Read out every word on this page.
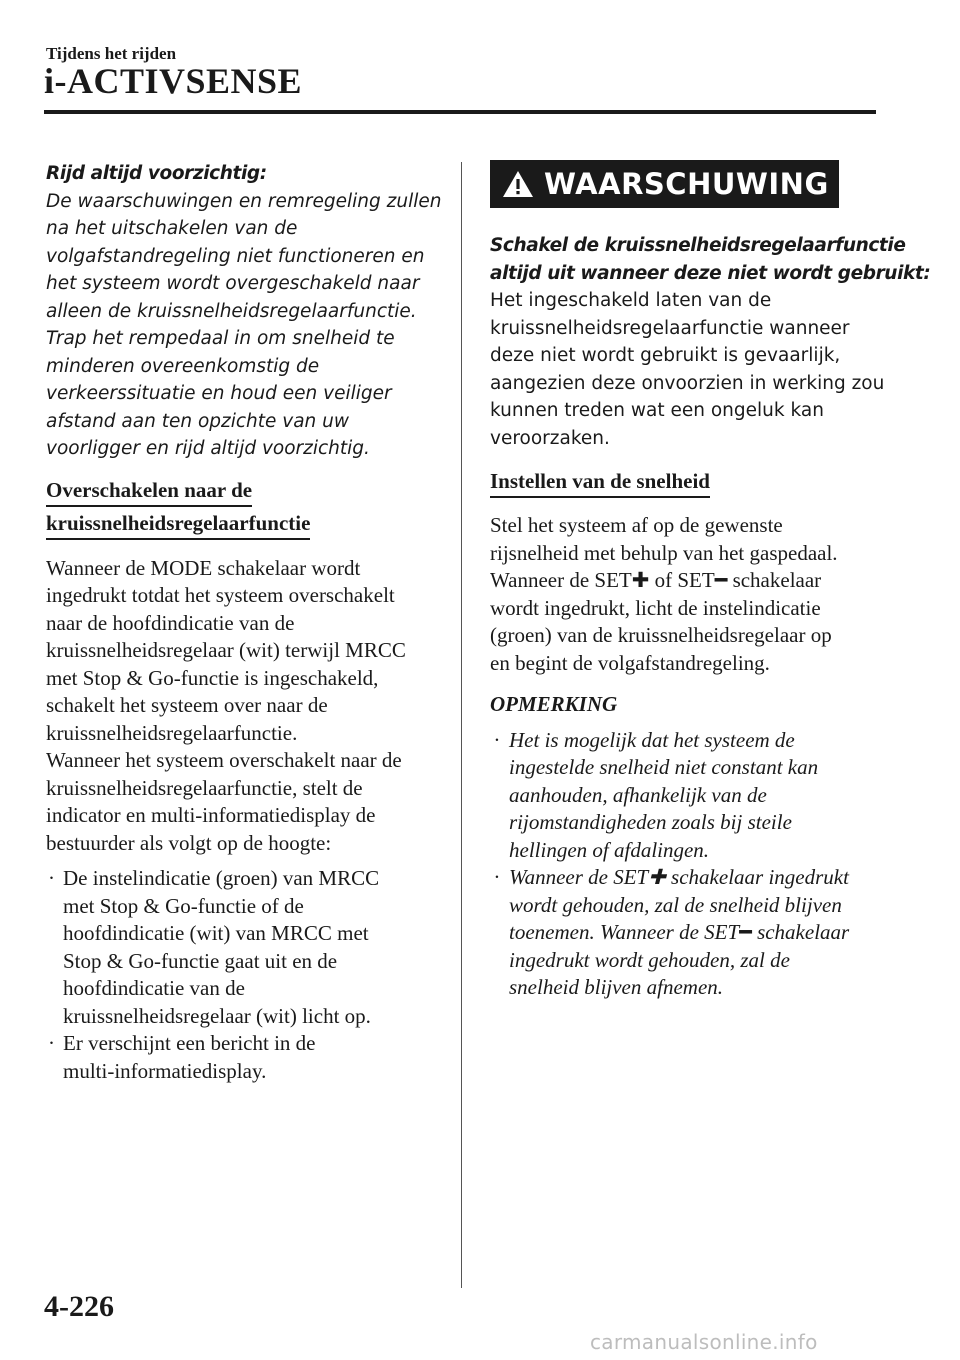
Tijdens het rijden
i-ACTIVSENSE
Rijd altijd voorzichtig:
De waarschuwingen en remregeling zullen
na het uitschakelen van de
volgafstandregeling niet functioneren en
het systeem wordt overgeschakeld naar
alleen de kruissnelheidsregelaarfunctie.
Trap het rempedaal in om snelheid te
minderen overeenkomstig de
verkeerssituatie en houd een veiliger
afstand aan ten opzichte van uw
voorligger en rijd altijd voorzichtig.
Overschakelen naar de
kruissnelheidsregelaarfunctie

Wanneer de MODE schakelaar wordt
ingedrukt totdat het systeem overschakelt
naar de hoofdindicatie van de
kruissnelheidsregelaar (wit) terwijl MRCC
met Stop & Go-functie is ingeschakeld,
schakelt het systeem over naar de
kruissnelheidsregelaarfunctie.
Wanneer het systeem overschakelt naar de
kruissnelheidsregelaarfunctie, stelt de
indicator en multi-informatiedisplay de
bestuurder als volgt op de hoogte:
· De instelindicatie (groen) van MRCC
met Stop & Go-functie of de
hoofdindicatie (wit) van MRCC met
Stop & Go-functie gaat uit en de
hoofdindicatie van de
kruissnelheidsregelaar (wit) licht op.
· Er verschijnt een bericht in de
multi-informatiedisplay.
WAARSCHUWING
Schakel de kruissnelheidsregelaarfunctie
altijd uit wanneer deze niet wordt gebruikt:
Het ingeschakeld laten van de
kruissnelheidsregelaarfunctie wanneer
deze niet wordt gebruikt is gevaarlijk,
aangezien deze onvoorzien in werking zou
kunnen treden wat een ongeluk kan
veroorzaken.
Instellen van de snelheid
Stel het systeem af op de gewenste
rijsnelheid met behulp van het gaspedaal.
Wanneer de SET✚ of SET━ schakelaar
wordt ingedrukt, licht de instelindicatie
(groen) van de kruissnelheidsregelaar op
en begint de volgafstandregeling.
OPMERKING
· Het is mogelijk dat het systeem de
ingestelde snelheid niet constant kan
aanhouden, afhankelijk van de
rijomstandigheden zoals bij steile
hellingen of afdalingen.
· Wanneer de SET✚ schakelaar ingedrukt
wordt gehouden, zal de snelheid blijven
toenemen. Wanneer de SET━ schakelaar
ingedrukt wordt gehouden, zal de
snelheid blijven afnemen.
4-226
carmanualsonline.info
